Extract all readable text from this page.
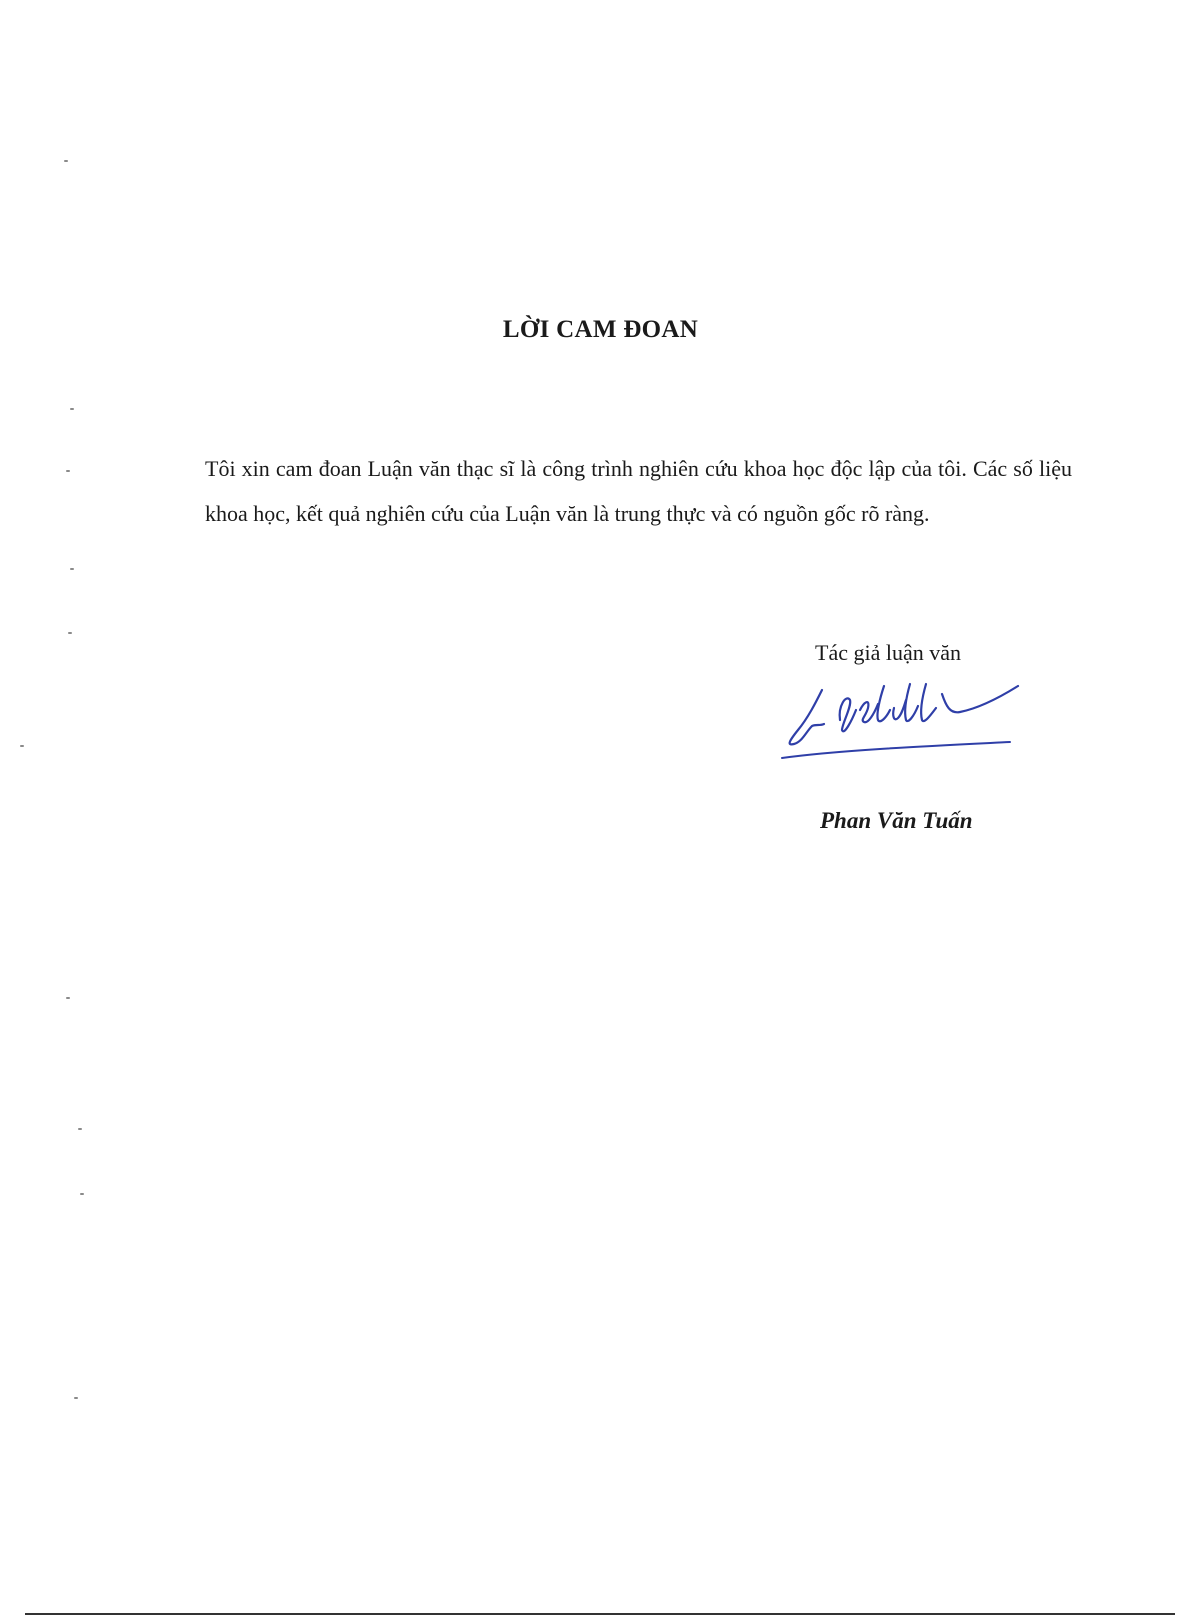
LỜI CAM ĐOAN

Tôi xin cam đoan Luận văn thạc sĩ là công trình nghiên cứu khoa học độc lập của tôi. Các số liệu khoa học, kết quả nghiên cứu của Luận văn là trung thực và có nguồn gốc rõ ràng.

Tác giả luận văn

Phan Văn Tuấn
